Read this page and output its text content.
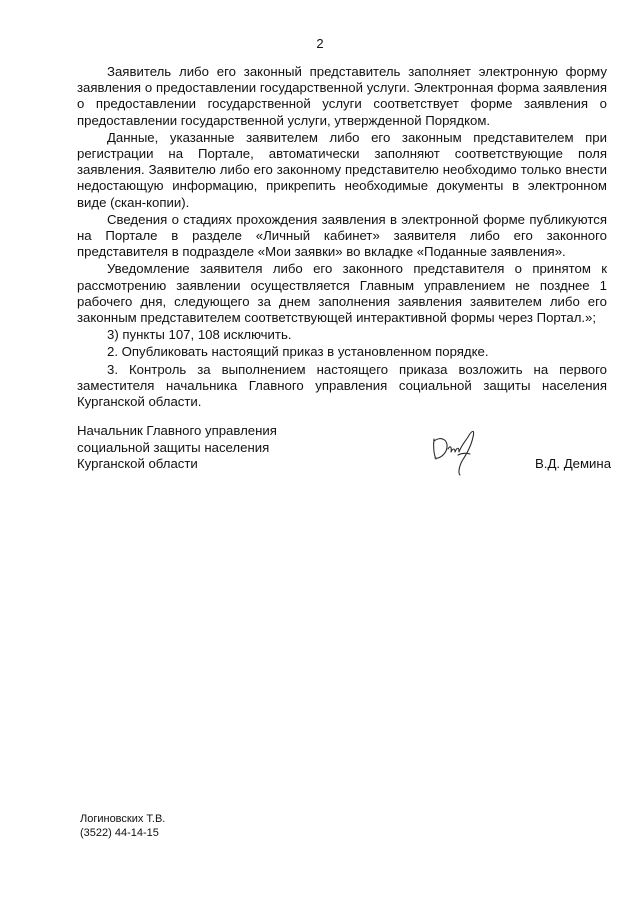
2

Заявитель либо его законный представитель заполняет электронную форму заявления о предоставлении государственной услуги. Электронная форма заявления о предоставлении государственной услуги соответствует форме заявления о предоставлении государственной услуги, утвержденной Порядком.

Данные, указанные заявителем либо его законным представителем при регистрации на Портале, автоматически заполняют соответствующие поля заявления. Заявителю либо его законному представителю необходимо только внести недостающую информацию, прикрепить необходимые документы в электронном виде (скан-копии).

Сведения о стадиях прохождения заявления в электронной форме публикуются на Портале в разделе «Личный кабинет» заявителя либо его законного представителя в подразделе «Мои заявки» во вкладке «Поданные заявления».

Уведомление заявителя либо его законного представителя о принятом к рассмотрению заявлении осуществляется Главным управлением не позднее 1 рабочего дня, следующего за днем заполнения заявления заявителем либо его законным представителем соответствующей интерактивной формы через Портал.»;

3) пункты 107, 108 исключить.

2. Опубликовать настоящий приказ в установленном порядке.

3. Контроль за выполнением настоящего приказа возложить на первого заместителя начальника Главного управления социальной защиты населения Курганской области.

Начальник Главного управления
социальной защиты населения
Курганской области	В.Д. Демина
Логиновских Т.В.
(3522) 44-14-15
